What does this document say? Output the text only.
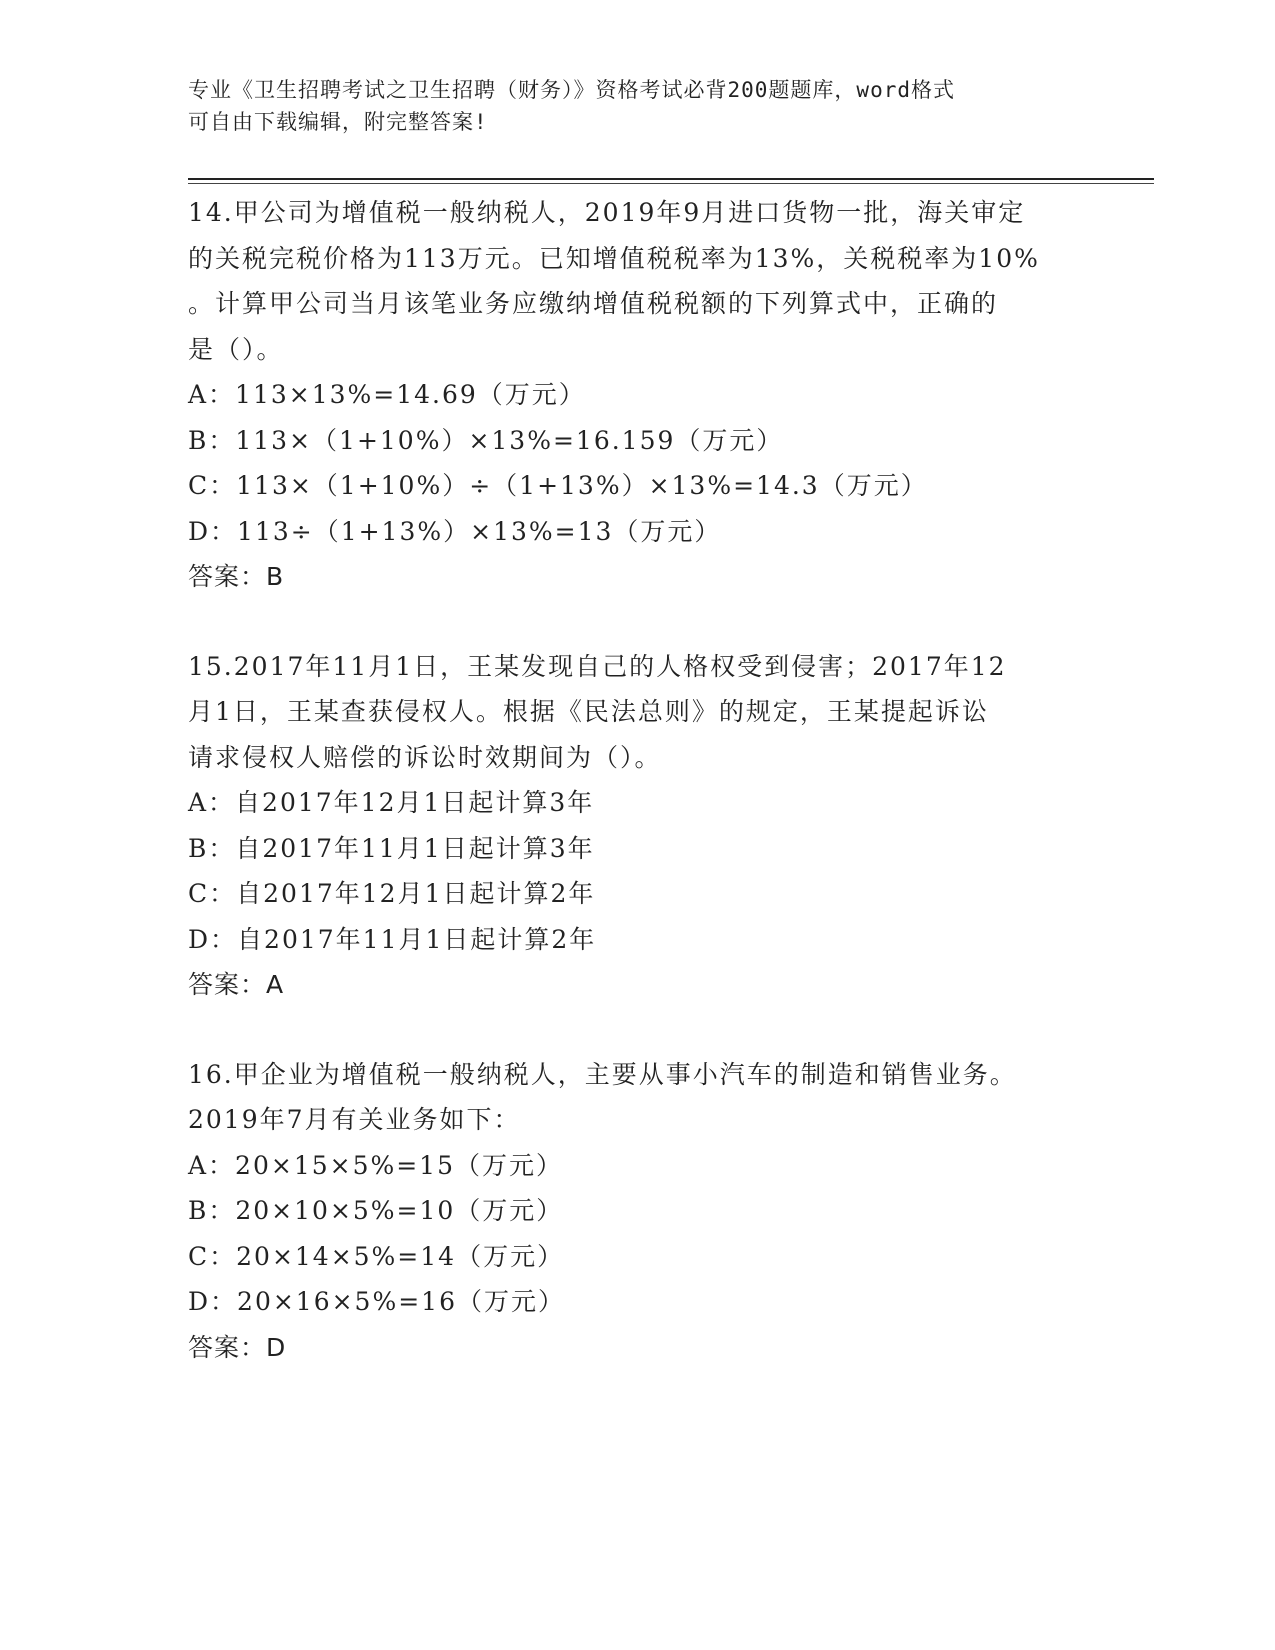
专业《卫生招聘考试之卫生招聘（财务）》资格考试必背200题题库，word格式
可自由下载编辑，附完整答案!
14.甲公司为增值税一般纳税人，2019年9月进口货物一批，海关审定
的关税完税价格为113万元。已知增值税税率为13%，关税税率为10%
。计算甲公司当月该笔业务应缴纳增值税税额的下列算式中，正确的
是（）。
A：113×13%=14.69（万元）
B：113×（1+10%）×13%=16.159（万元）
C：113×（1+10%）÷（1+13%）×13%=14.3（万元）
D：113÷（1+13%）×13%=13（万元）
答案：B
15.2017年11月1日，王某发现自己的人格权受到侵害；2017年12
月1日，王某查获侵权人。根据《民法总则》的规定，王某提起诉讼
请求侵权人赔偿的诉讼时效期间为（）。
A：自2017年12月1日起计算3年
B：自2017年11月1日起计算3年
C：自2017年12月1日起计算2年
D：自2017年11月1日起计算2年
答案：A
16.甲企业为增值税一般纳税人，主要从事小汽车的制造和销售业务。
2019年7月有关业务如下：
A：20×15×5%=15（万元）
B：20×10×5%=10（万元）
C：20×14×5%=14（万元）
D：20×16×5%=16（万元）
答案：D
